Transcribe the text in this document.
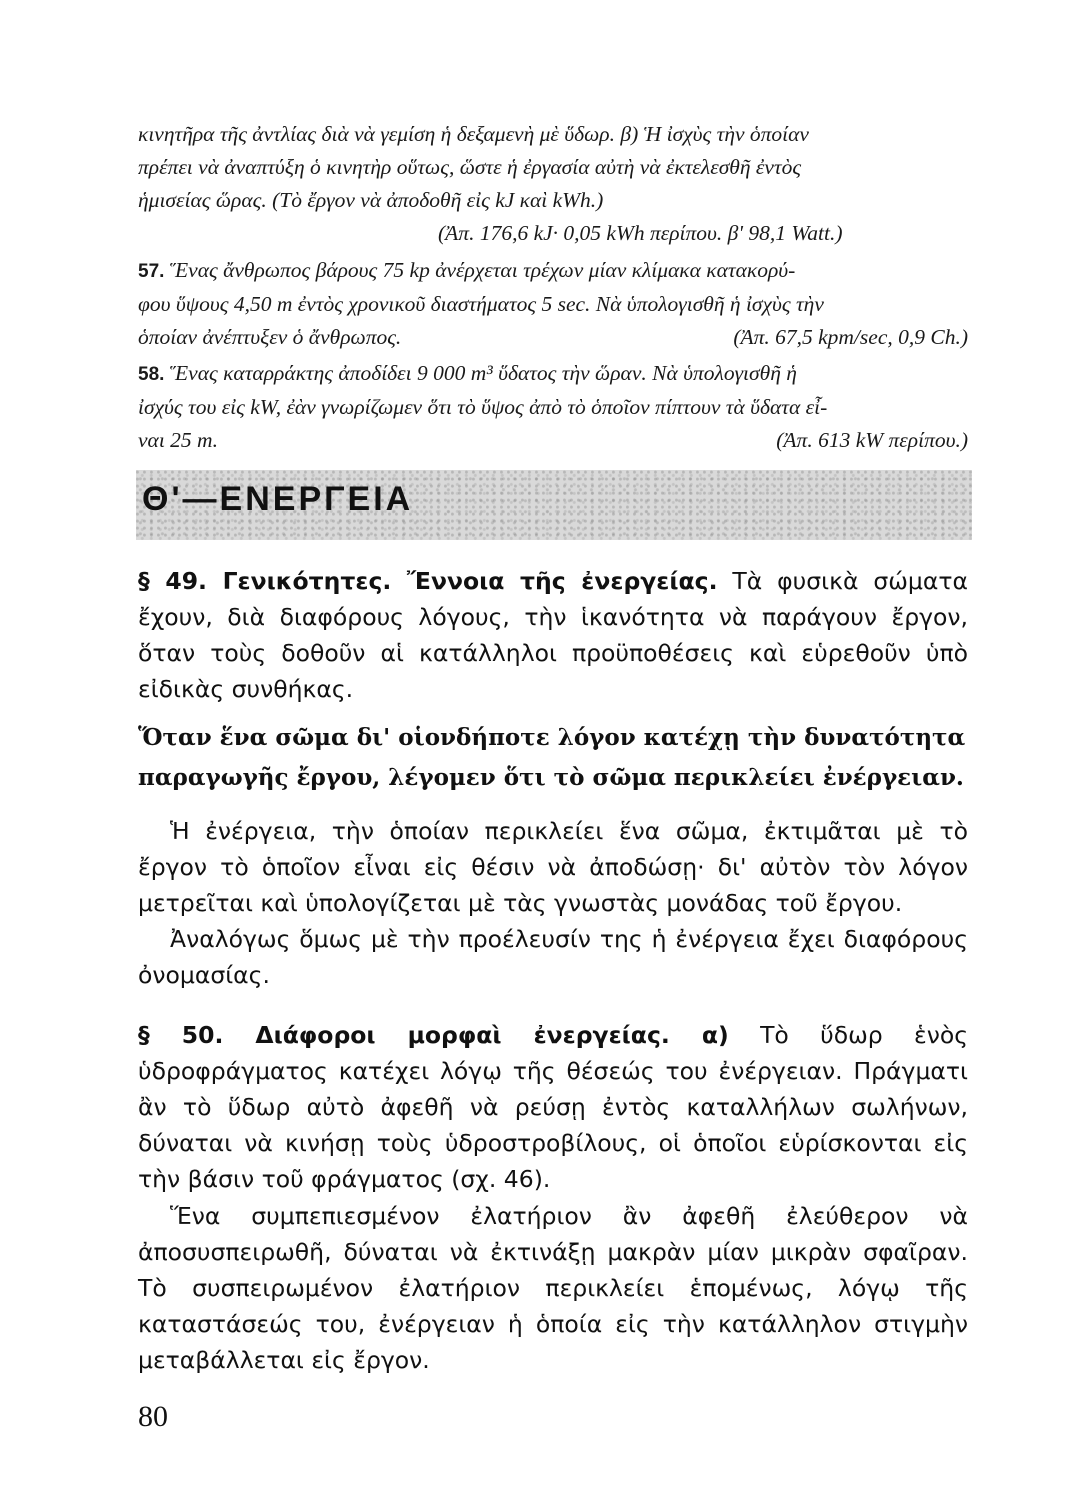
κινητῆρα τῆς ἀντλίας διὰ νὰ γεμίση ἡ δεξαμενὴ μὲ ὕδωρ. β) Ἡ ἰσχὺς τὴν ὁποίαν
πρέπει νὰ ἀναπτύξη ὁ κινητὴρ οὕτως, ὥστε ἡ ἐργασία αὐτὴ νὰ ἐκτελεσθῆ ἐντὸς
ἡμισείας ὥρας. (Τὸ ἔργον νὰ ἀποδοθῆ εἰς kJ καὶ kWh.)
(Ἀπ. 176,6 kJ· 0,05 kWh περίπου. β' 98,1 Watt.)
57. Ἕνας ἄνθρωπος βάρους 75 kp ἀνέρχεται τρέχων μίαν κλίμακα κατακορύ-
φου ὕψους 4,50 m ἐντὸς χρονικοῦ διαστήματος 5 sec. Νὰ ὑπολογισθῆ ἡ ἰσχὺς τὴν
ὁποίαν ἀνέπτυξεν ὁ ἄνθρωπος.	(Ἀπ. 67,5 kpm/sec, 0,9 Ch.)
58. Ἕνας καταρράκτης ἀποδίδει 9 000 m³ ὕδατος τὴν ὥραν. Νὰ ὑπολογισθῆ ἡ
ἰσχύς του εἰς kW, ἐὰν γνωρίζωμεν ὅτι τὸ ὕψος ἀπὸ τὸ ὁποῖον πίπτουν τὰ ὕδατα εἶ-
ναι 25 m.	(Ἀπ. 613 kW περίπου.)
Θ'—ΕΝΕΡΓΕΙΑ
§ 49. Γενικότητες. Ἔννοια τῆς ἐνεργείας. Τὰ φυσικὰ σώματα ἔχουν, διὰ διαφόρους λόγους, τὴν ἱκανότητα νὰ παράγουν ἔργον, ὅταν τοὺς δοθοῦν αἱ κατάλληλοι προϋποθέσεις καὶ εὑρεθοῦν ὑπὸ εἰδικὰς συνθήκας.
Ὅταν ἕνα σῶμα δι' οἱονδήποτε λόγον κατέχῃ τὴν δυνατότητα παραγωγῆς ἔργου, λέγομεν ὅτι τὸ σῶμα περικλείει ἐνέργειαν.
Ἡ ἐνέργεια, τὴν ὁποίαν περικλείει ἕνα σῶμα, ἐκτιμᾶται μὲ τὸ ἔργον τὸ ὁποῖον εἶναι εἰς θέσιν νὰ ἀποδώσῃ· δι' αὐτὸν τὸν λόγον μετρεῖται καὶ ὑπολογίζεται μὲ τὰς γνωστὰς μονάδας τοῦ ἔργου.
Ἀναλόγως ὅμως μὲ τὴν προέλευσίν της ἡ ἐνέργεια ἔχει διαφόρους ὀνομασίας.
§ 50. Διάφοροι μορφαὶ ἐνεργείας. α) Τὸ ὕδωρ ἑνὸς ὑδροφράγματος κατέχει λόγῳ τῆς θέσεώς του ἐνέργειαν. Πράγματι ἂν τὸ ὕδωρ αὐτὸ ἀφεθῆ νὰ ρεύσῃ ἐντὸς καταλλήλων σωλήνων, δύναται νὰ κινήσῃ τοὺς ὑδροστροβίλους, οἱ ὁποῖοι εὑρίσκονται εἰς τὴν βάσιν τοῦ φράγματος (σχ. 46).
Ἕνα συμπεπιεσμένον ἐλατήριον ἂν ἀφεθῆ ἐλεύθερον νὰ ἀποσυσπειρωθῆ, δύναται νὰ ἐκτινάξῃ μακρὰν μίαν μικρὰν σφαῖραν. Τὸ συσπειρωμένον ἐλατήριον περικλείει ἑπομένως, λόγῳ τῆς καταστάσεώς του, ἐνέργειαν ἡ ὁποία εἰς τὴν κατάλληλον στιγμὴν μεταβάλλεται εἰς ἔργον.
80
